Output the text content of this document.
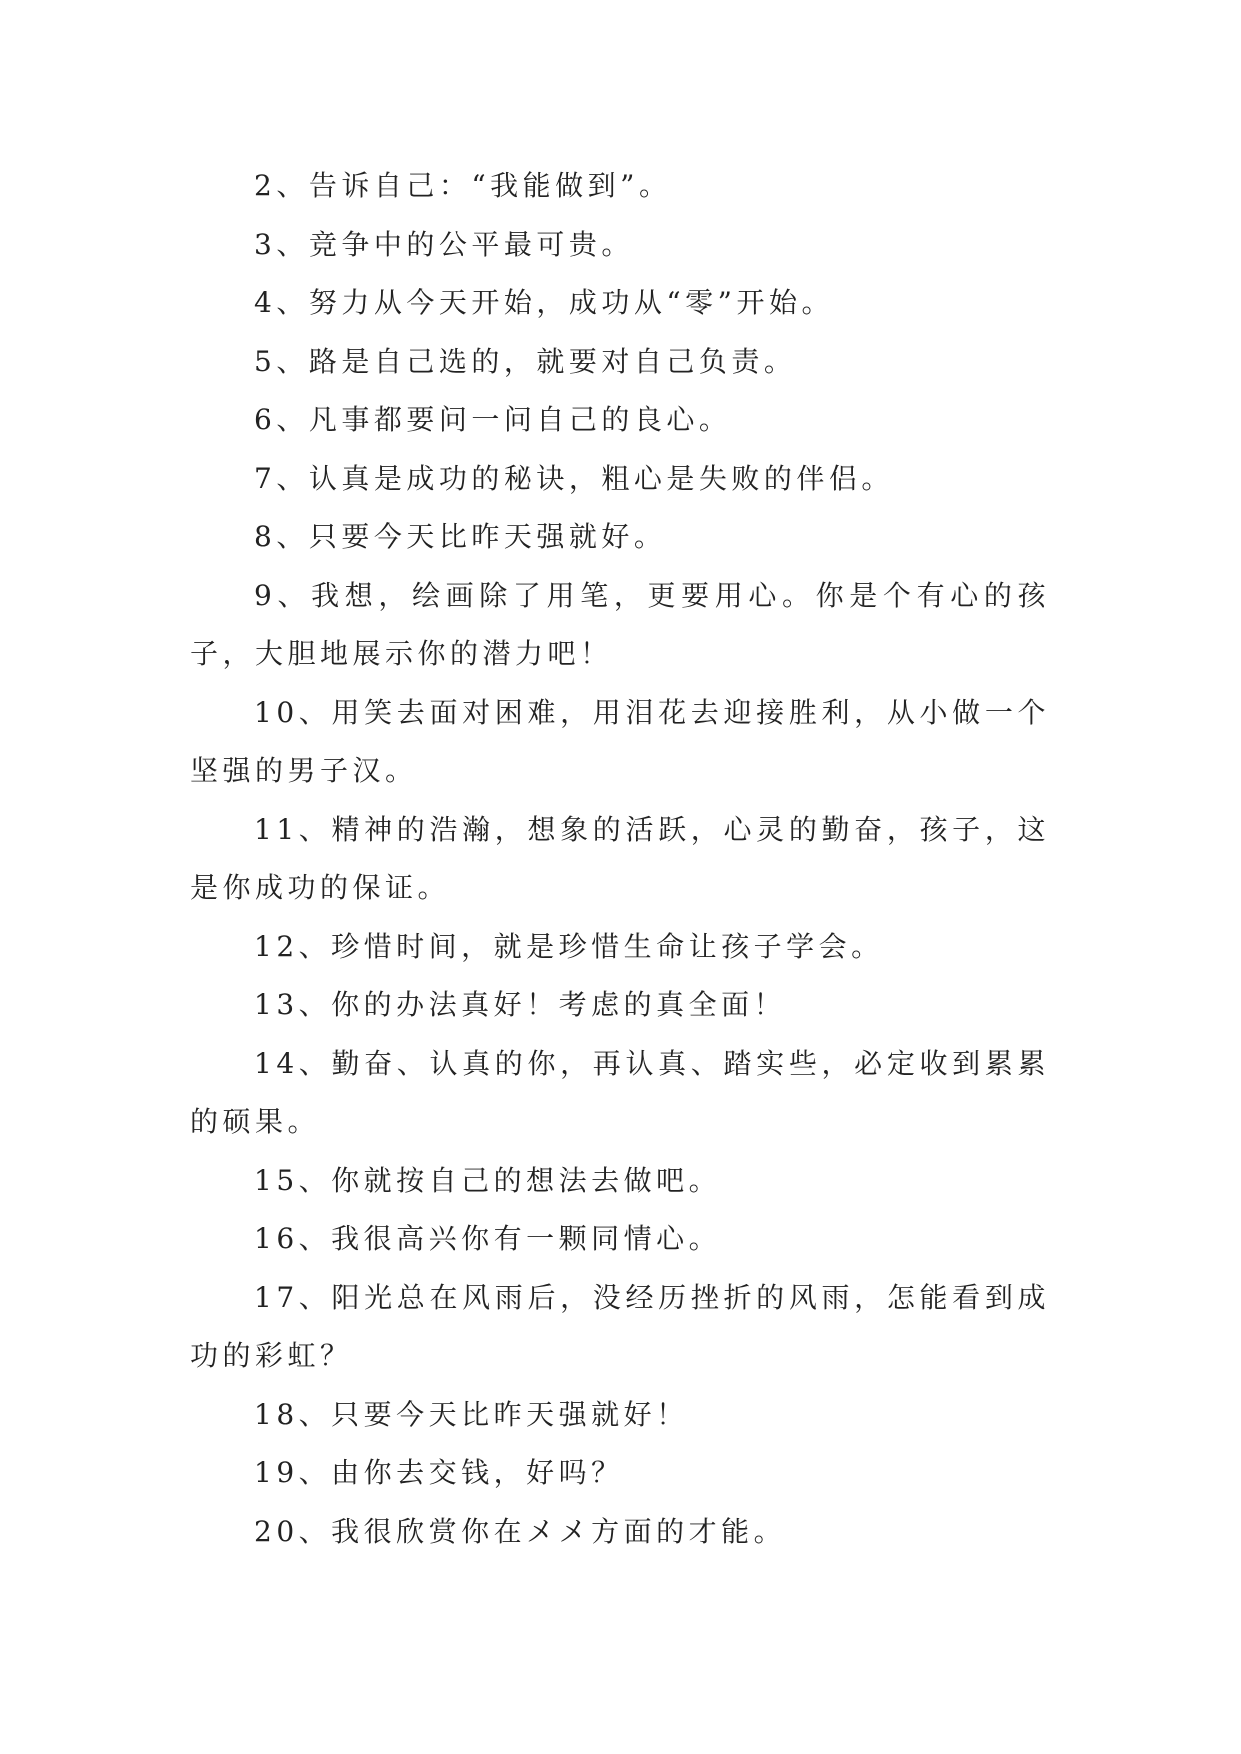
2、告诉自己：“我能做到”。

3、竞争中的公平最可贵。

4、努力从今天开始，成功从“零”开始。

5、路是自己选的，就要对自己负责。

6、凡事都要问一问自己的良心。

7、认真是成功的秘诀，粗心是失败的伴侣。

8、只要今天比昨天强就好。

9、我想，绘画除了用笔，更要用心。你是个有心的孩子，大胆地展示你的潜力吧！

10、用笑去面对困难，用泪花去迎接胜利，从小做一个坚强的男子汉。

11、精神的浩瀚，想象的活跃，心灵的勤奋，孩子，这是你成功的保证。

12、珍惜时间，就是珍惜生命让孩子学会。

13、你的办法真好！考虑的真全面！

14、勤奋、认真的你，再认真、踏实些，必定收到累累的硕果。

15、你就按自己的想法去做吧。

16、我很高兴你有一颗同情心。

17、阳光总在风雨后，没经历挫折的风雨，怎能看到成功的彩虹？

18、只要今天比昨天强就好！

19、由你去交钱，好吗？

20、我很欣赏你在メメ方面的才能。
